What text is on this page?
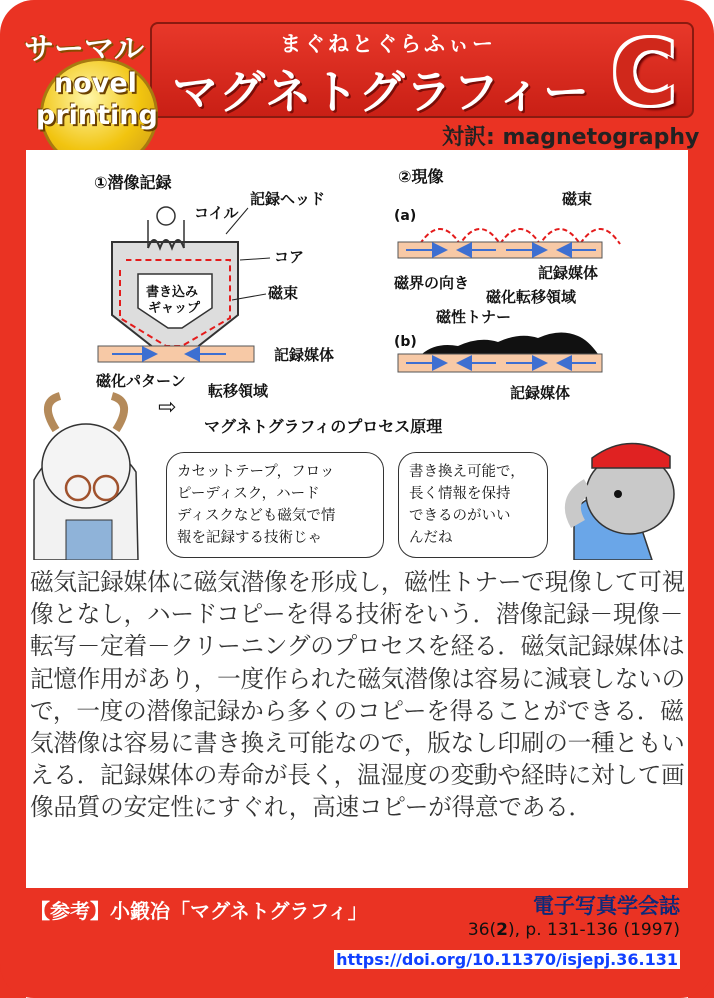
まぐねとぐらふぃー
マグネトグラフィー C
サーマル
novel
printing
対訳: magnetography
①潜像記録
コイル
記録ヘッド
コア
書き込み
ギャップ
磁束
記録媒体
磁化パターン
転移領域
⇨
②現像
磁束
(a)
磁界の向き
記録媒体
磁化転移領域
磁性トナー
(b)
記録媒体
マグネトグラフィのプロセス原理
カセットテープ，フロッ
ピーディスク，ハード
ディスクなども磁気で情
報を記録する技術じゃ
書き換え可能で，
長く情報を保持
できるのがいい
んだね
磁気記録媒体に磁気潜像を形成し，磁性トナーで現像して可視像となし，ハードコピーを得る技術をいう．潜像記録－現像－転写－定着－クリーニングのプロセスを経る．磁気記録媒体は記憶作用があり，一度作られた磁気潜像は容易に減衰しないので，一度の潜像記録から多くのコピーを得ることができる．磁気潜像は容易に書き換え可能なので，版なし印刷の一種ともいえる．記録媒体の寿命が長く，温湿度の変動や経時に対して画像品質の安定性にすぐれ，高速コピーが得意である．
【参考】小鍛冶「マグネトグラフィ」	電子写真学会誌
36(2), p. 131-136 (1997)
https://doi.org/10.11370/isjepj.36.131
